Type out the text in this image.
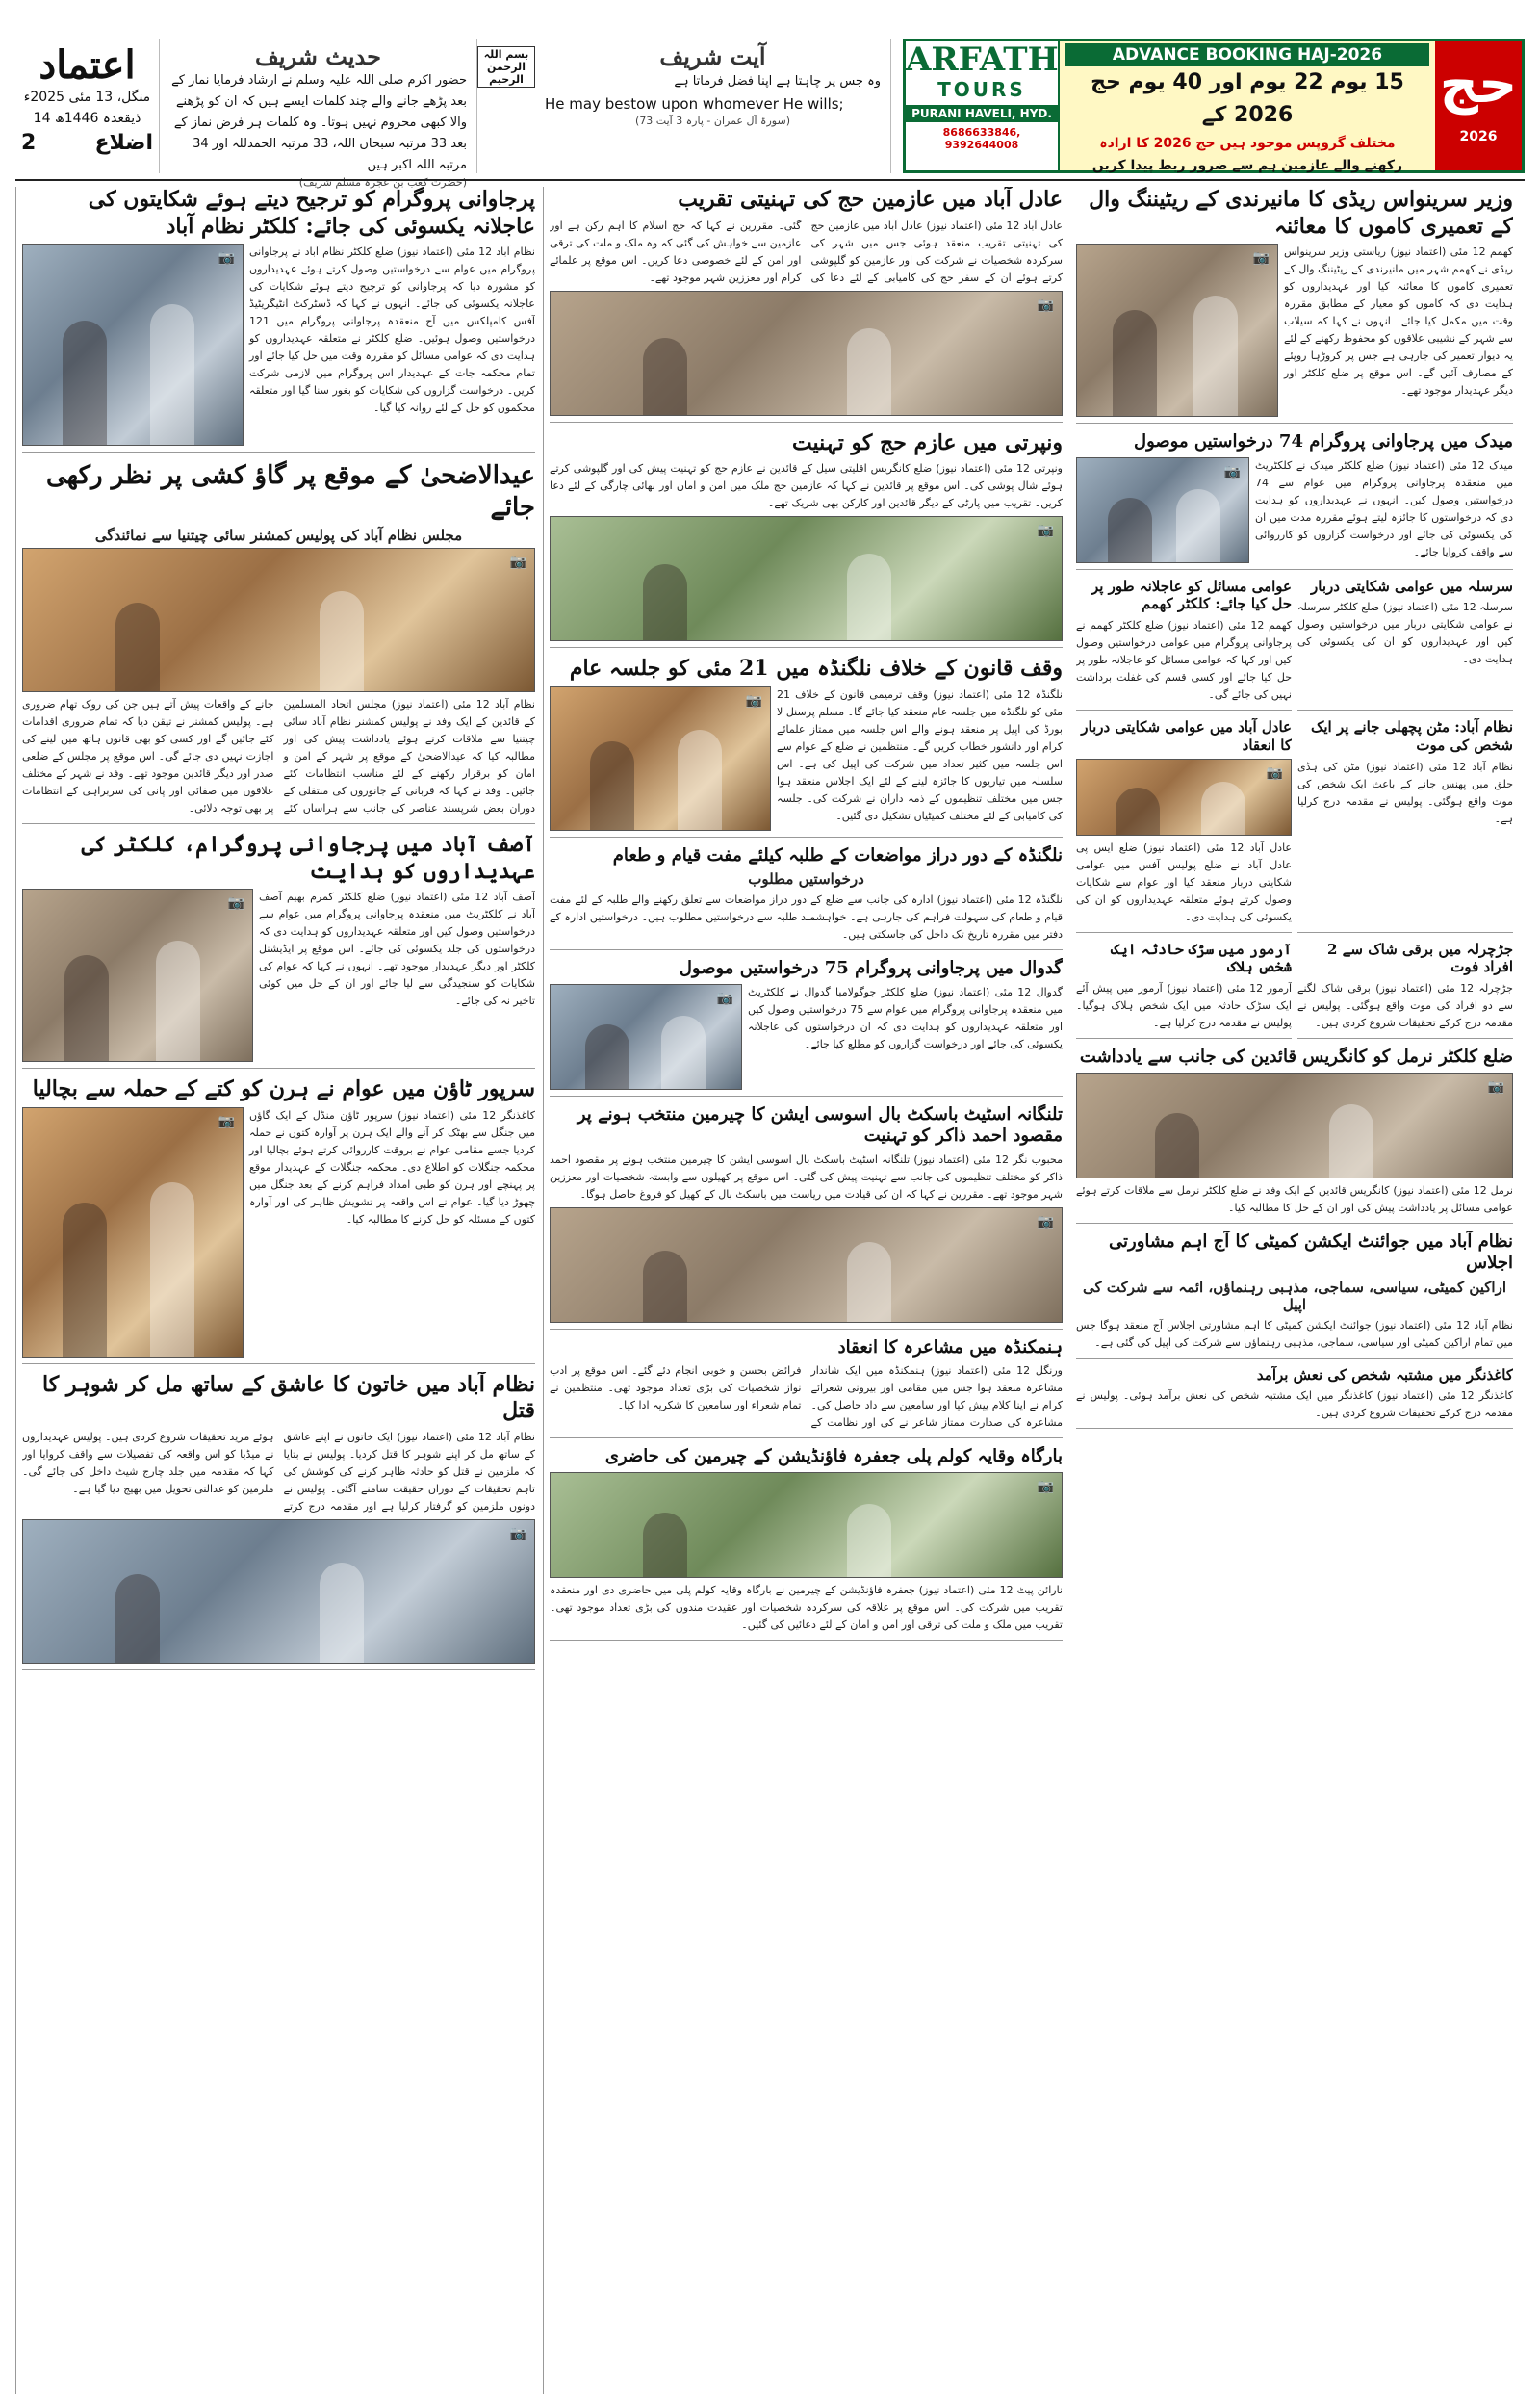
اعتماد
منگل، 13 مئی 2025ء
14 ذیقعدہ 1446ھ
2	اضلاع
حدیث شریف

حضور اکرم صلی اللہ علیہ وسلم نے ارشاد فرمایا نماز کے بعد پڑھے جانے والے چند کلمات ایسے ہیں کہ ان کو پڑھنے والا کبھی محروم نہیں ہوتا۔ وہ کلمات ہر فرض نماز کے بعد 33 مرتبہ سبحان اللہ، 33 مرتبہ الحمدللہ اور 34 مرتبہ اللہ اکبر ہیں۔

(حضرت کعب بن عجرہ مسلم شریف)
بسم اللہ الرحمن الرحیم
آیت شریف
وہ جس پر چاہتا ہے اپنا فضل فرماتا ہے
He may bestow upon whomever He wills;
(سورۃ آل عمران - پارہ 3 آیت 73)
ARFATH
TOURS
PURANI HAVELI, HYD.
8686633846, 9392644008
ADVANCE BOOKING HAJ-2026
15 یوم 22 یوم اور 40 یوم حج 2026 کے
مختلف گروپس موجود ہیں حج 2026 کا ارادہ
رکھنے والے عازمین ہم سے ضرور ربط پیدا کریں
حج
2026
پرجاوانی پروگرام کو ترجیح دیتے ہوئے شکایتوں کی عاجلانہ یکسوئی کی جائے: کلکٹر نظام آباد
نظام آباد 12 مئی (اعتماد نیوز) ضلع کلکٹر نظام آباد نے پرجاوانی پروگرام میں عوام سے درخواستیں وصول کرتے ہوئے عہدیداروں کو مشورہ دیا کہ پرجاوانی کو ترجیح دیتے ہوئے شکایات کی عاجلانہ یکسوئی کی جائے۔ انہوں نے کہا کہ ڈسٹرکٹ انٹیگریٹیڈ آفس کامپلکس میں آج منعقدہ پرجاوانی پروگرام میں 121 درخواستیں وصول ہوئیں۔ ضلع کلکٹر نے متعلقہ عہدیداروں کو ہدایت دی کہ عوامی مسائل کو مقررہ وقت میں حل کیا جائے اور تمام محکمہ جات کے عہدیدار اس پروگرام میں لازمی شرکت کریں۔ درخواست گزاروں کی شکایات کو بغور سنا گیا اور متعلقہ محکموں کو حل کے لئے روانہ کیا گیا۔
📷
عیدالاضحیٰ کے موقع پر گاؤ کشی پر نظر رکھی جائے
مجلس نظام آباد کی پولیس کمشنر سائی چیتنیا سے نمائندگی
📷
نظام آباد 12 مئی (اعتماد نیوز) مجلس اتحاد المسلمین کے قائدین کے ایک وفد نے پولیس کمشنر نظام آباد سائی چیتنیا سے ملاقات کرتے ہوئے یادداشت پیش کی اور مطالبہ کیا کہ عیدالاضحیٰ کے موقع پر شہر کے امن و امان کو برقرار رکھنے کے لئے مناسب انتظامات کئے جائیں۔ وفد نے کہا کہ قربانی کے جانوروں کی منتقلی کے دوران بعض شرپسند عناصر کی جانب سے ہراساں کئے جانے کے واقعات پیش آتے ہیں جن کی روک تھام ضروری ہے۔ پولیس کمشنر نے تیقن دیا کہ تمام ضروری اقدامات کئے جائیں گے اور کسی کو بھی قانون ہاتھ میں لینے کی اجازت نہیں دی جائے گی۔ اس موقع پر مجلس کے ضلعی صدر اور دیگر قائدین موجود تھے۔ وفد نے شہر کے مختلف علاقوں میں صفائی اور پانی کی سربراہی کے انتظامات پر بھی توجہ دلائی۔
آصف آباد میں پرجاوانی پروگرام، کلکٹر کی عہدیداروں کو ہدایت
آصف آباد 12 مئی (اعتماد نیوز) ضلع کلکٹر کمرم بھیم آصف آباد نے کلکٹریٹ میں منعقدہ پرجاوانی پروگرام میں عوام سے درخواستیں وصول کیں اور متعلقہ عہدیداروں کو ہدایت دی کہ درخواستوں کی جلد یکسوئی کی جائے۔ اس موقع پر ایڈیشنل کلکٹر اور دیگر عہدیدار موجود تھے۔ انہوں نے کہا کہ عوام کی شکایات کو سنجیدگی سے لیا جائے اور ان کے حل میں کوئی تاخیر نہ کی جائے۔
📷
سرپور ٹاؤن میں عوام نے ہرن کو کتے کے حملہ سے بچالیا
کاغذنگر 12 مئی (اعتماد نیوز) سرپور ٹاؤن منڈل کے ایک گاؤں میں جنگل سے بھٹک کر آنے والے ایک ہرن پر آوارہ کتوں نے حملہ کردیا جسے مقامی عوام نے بروقت کارروائی کرتے ہوئے بچالیا اور محکمہ جنگلات کو اطلاع دی۔ محکمہ جنگلات کے عہدیدار موقع پر پہنچے اور ہرن کو طبی امداد فراہم کرنے کے بعد جنگل میں چھوڑ دیا گیا۔ عوام نے اس واقعہ پر تشویش ظاہر کی اور آوارہ کتوں کے مسئلہ کو حل کرنے کا مطالبہ کیا۔
📷
نظام آباد میں خاتون کا عاشق کے ساتھ مل کر شوہر کا قتل
نظام آباد 12 مئی (اعتماد نیوز) ایک خاتون نے اپنے عاشق کے ساتھ مل کر اپنے شوہر کا قتل کردیا۔ پولیس نے بتایا کہ ملزمین نے قتل کو حادثہ ظاہر کرنے کی کوشش کی تاہم تحقیقات کے دوران حقیقت سامنے آگئی۔ پولیس نے دونوں ملزمین کو گرفتار کرلیا ہے اور مقدمہ درج کرتے ہوئے مزید تحقیقات شروع کردی ہیں۔ پولیس عہدیداروں نے میڈیا کو اس واقعہ کی تفصیلات سے واقف کروایا اور کہا کہ مقدمہ میں جلد چارج شیٹ داخل کی جائے گی۔ ملزمین کو عدالتی تحویل میں بھیج دیا گیا ہے۔
📷
عادل آباد میں عازمین حج کی تہنیتی تقریب
عادل آباد 12 مئی (اعتماد نیوز) عادل آباد میں عازمین حج کی تہنیتی تقریب منعقد ہوئی جس میں شہر کی سرکردہ شخصیات نے شرکت کی اور عازمین کو گلپوشی کرتے ہوئے ان کے سفر حج کی کامیابی کے لئے دعا کی گئی۔ مقررین نے کہا کہ حج اسلام کا اہم رکن ہے اور عازمین سے خواہش کی گئی کہ وہ ملک و ملت کی ترقی اور امن کے لئے خصوصی دعا کریں۔ اس موقع پر علمائے کرام اور معززین شہر موجود تھے۔
📷
ونپرتی میں عازم حج کو تہنیت
ونپرتی 12 مئی (اعتماد نیوز) ضلع کانگریس اقلیتی سیل کے قائدین نے عازم حج کو تہنیت پیش کی اور گلپوشی کرتے ہوئے شال پوشی کی۔ اس موقع پر قائدین نے کہا کہ عازمین حج ملک میں امن و امان اور بھائی چارگی کے لئے دعا کریں۔ تقریب میں پارٹی کے دیگر قائدین اور کارکن بھی شریک تھے۔
📷
وقف قانون کے خلاف نلگنڈہ میں 21 مئی کو جلسہ عام
نلگنڈہ 12 مئی (اعتماد نیوز) وقف ترمیمی قانون کے خلاف 21 مئی کو نلگنڈہ میں جلسہ عام منعقد کیا جائے گا۔ مسلم پرسنل لا بورڈ کی اپیل پر منعقد ہونے والے اس جلسہ میں ممتاز علمائے کرام اور دانشور خطاب کریں گے۔ منتظمین نے ضلع کے عوام سے اس جلسہ میں کثیر تعداد میں شرکت کی اپیل کی ہے۔ اس سلسلہ میں تیاریوں کا جائزہ لینے کے لئے ایک اجلاس منعقد ہوا جس میں مختلف تنظیموں کے ذمہ داران نے شرکت کی۔ جلسہ کی کامیابی کے لئے مختلف کمیٹیاں تشکیل دی گئیں۔
📷
نلگنڈہ کے دور دراز مواضعات کے طلبہ کیلئے مفت قیام و طعام
درخواستیں مطلوب
نلگنڈہ 12 مئی (اعتماد نیوز) ادارہ کی جانب سے ضلع کے دور دراز مواضعات سے تعلق رکھنے والے طلبہ کے لئے مفت قیام و طعام کی سہولت فراہم کی جارہی ہے۔ خواہشمند طلبہ سے درخواستیں مطلوب ہیں۔ درخواستیں ادارہ کے دفتر میں مقررہ تاریخ تک داخل کی جاسکتی ہیں۔
گدوال میں پرجاوانی پروگرام 75 درخواستیں موصول
گدوال 12 مئی (اعتماد نیوز) ضلع کلکٹر جوگولامبا گدوال نے کلکٹریٹ میں منعقدہ پرجاوانی پروگرام میں عوام سے 75 درخواستیں وصول کیں اور متعلقہ عہدیداروں کو ہدایت دی کہ ان درخواستوں کی عاجلانہ یکسوئی کی جائے اور درخواست گزاروں کو مطلع کیا جائے۔
📷
تلنگانہ اسٹیٹ باسکٹ بال اسوسی ایشن کا چیرمین منتخب ہونے پر مقصود احمد ذاکر کو تہنیت
محبوب نگر 12 مئی (اعتماد نیوز) تلنگانہ اسٹیٹ باسکٹ بال اسوسی ایشن کا چیرمین منتخب ہونے پر مقصود احمد ذاکر کو مختلف تنظیموں کی جانب سے تہنیت پیش کی گئی۔ اس موقع پر کھیلوں سے وابستہ شخصیات اور معززین شہر موجود تھے۔ مقررین نے کہا کہ ان کی قیادت میں ریاست میں باسکٹ بال کے کھیل کو فروغ حاصل ہوگا۔
📷
ہنمکنڈہ میں مشاعرہ کا انعقاد
ورنگل 12 مئی (اعتماد نیوز) ہنمکنڈہ میں ایک شاندار مشاعرہ منعقد ہوا جس میں مقامی اور بیرونی شعرائے کرام نے اپنا کلام پیش کیا اور سامعین سے داد حاصل کی۔ مشاعرہ کی صدارت ممتاز شاعر نے کی اور نظامت کے فرائض بحسن و خوبی انجام دئے گئے۔ اس موقع پر ادب نواز شخصیات کی بڑی تعداد موجود تھی۔ منتظمین نے تمام شعراء اور سامعین کا شکریہ ادا کیا۔
بارگاہ وقایہ کولم پلی جعفرہ فاؤنڈیشن کے چیرمین کی حاضری
📷
نارائن پیٹ 12 مئی (اعتماد نیوز) جعفرہ فاؤنڈیشن کے چیرمین نے بارگاہ وقایہ کولم پلی میں حاضری دی اور منعقدہ تقریب میں شرکت کی۔ اس موقع پر علاقہ کی سرکردہ شخصیات اور عقیدت مندوں کی بڑی تعداد موجود تھی۔ تقریب میں ملک و ملت کی ترقی اور امن و امان کے لئے دعائیں کی گئیں۔
وزیر سرینواس ریڈی کا مانیرندی کے ریٹیننگ وال کے تعمیری کاموں کا معائنہ
کھمم 12 مئی (اعتماد نیوز) ریاستی وزیر سرینواس ریڈی نے کھمم شہر میں مانیرندی کے ریٹیننگ وال کے تعمیری کاموں کا معائنہ کیا اور عہدیداروں کو ہدایت دی کہ کاموں کو معیار کے مطابق مقررہ وقت میں مکمل کیا جائے۔ انہوں نے کہا کہ سیلاب سے شہر کے نشیبی علاقوں کو محفوظ رکھنے کے لئے یہ دیوار تعمیر کی جارہی ہے جس پر کروڑہا روپئے کے مصارف آئیں گے۔ اس موقع پر ضلع کلکٹر اور دیگر عہدیدار موجود تھے۔
📷
میدک میں پرجاوانی پروگرام 74 درخواستیں موصول
میدک 12 مئی (اعتماد نیوز) ضلع کلکٹر میدک نے کلکٹریٹ میں منعقدہ پرجاوانی پروگرام میں عوام سے 74 درخواستیں وصول کیں۔ انہوں نے عہدیداروں کو ہدایت دی کہ درخواستوں کا جائزہ لیتے ہوئے مقررہ مدت میں ان کی یکسوئی کی جائے اور درخواست گزاروں کو کارروائی سے واقف کروایا جائے۔
📷
سرسلہ میں عوامی شکایتی دربار
سرسلہ 12 مئی (اعتماد نیوز) ضلع کلکٹر سرسلہ نے عوامی شکایتی دربار میں درخواستیں وصول کیں اور عہدیداروں کو ان کی یکسوئی کی ہدایت دی۔
عوامی مسائل کو عاجلانہ طور پر حل کیا جائے: کلکٹر کھمم
کھمم 12 مئی (اعتماد نیوز) ضلع کلکٹر کھمم نے پرجاوانی پروگرام میں عوامی درخواستیں وصول کیں اور کہا کہ عوامی مسائل کو عاجلانہ طور پر حل کیا جائے اور کسی قسم کی غفلت برداشت نہیں کی جائے گی۔
نظام آباد: مٹن پچھلی جانے پر ایک شخص کی موت
نظام آباد 12 مئی (اعتماد نیوز) مٹن کی ہڈی حلق میں پھنس جانے کے باعث ایک شخص کی موت واقع ہوگئی۔ پولیس نے مقدمہ درج کرلیا ہے۔
عادل آباد میں عوامی شکایتی دربار کا انعقاد
📷
عادل آباد 12 مئی (اعتماد نیوز) ضلع ایس پی عادل آباد نے ضلع پولیس آفس میں عوامی شکایتی دربار منعقد کیا اور عوام سے شکایات وصول کرتے ہوئے متعلقہ عہدیداروں کو ان کی یکسوئی کی ہدایت دی۔
جڑچرلہ میں برقی شاک سے 2 افراد فوت
جڑچرلہ 12 مئی (اعتماد نیوز) برقی شاک لگنے سے دو افراد کی موت واقع ہوگئی۔ پولیس نے مقدمہ درج کرکے تحقیقات شروع کردی ہیں۔
آرمور میں سڑک حادثہ ایک شخص ہلاک
آرمور 12 مئی (اعتماد نیوز) آرمور میں پیش آئے ایک سڑک حادثہ میں ایک شخص ہلاک ہوگیا۔ پولیس نے مقدمہ درج کرلیا ہے۔
ضلع کلکٹر نرمل کو کانگریس قائدین کی جانب سے یادداشت
📷
نرمل 12 مئی (اعتماد نیوز) کانگریس قائدین کے ایک وفد نے ضلع کلکٹر نرمل سے ملاقات کرتے ہوئے عوامی مسائل پر یادداشت پیش کی اور ان کے حل کا مطالبہ کیا۔
نظام آباد میں جوائنٹ ایکشن کمیٹی کا آج اہم مشاورتی اجلاس
اراکین کمیٹی، سیاسی، سماجی، مذہبی رہنماؤں، ائمہ سے شرکت کی اپیل
نظام آباد 12 مئی (اعتماد نیوز) جوائنٹ ایکشن کمیٹی کا اہم مشاورتی اجلاس آج منعقد ہوگا جس میں تمام اراکین کمیٹی اور سیاسی، سماجی، مذہبی رہنماؤں سے شرکت کی اپیل کی گئی ہے۔
کاغذنگر میں مشتبہ شخص کی نعش برآمد
کاغذنگر 12 مئی (اعتماد نیوز) کاغذنگر میں ایک مشتبہ شخص کی نعش برآمد ہوئی۔ پولیس نے مقدمہ درج کرکے تحقیقات شروع کردی ہیں۔
